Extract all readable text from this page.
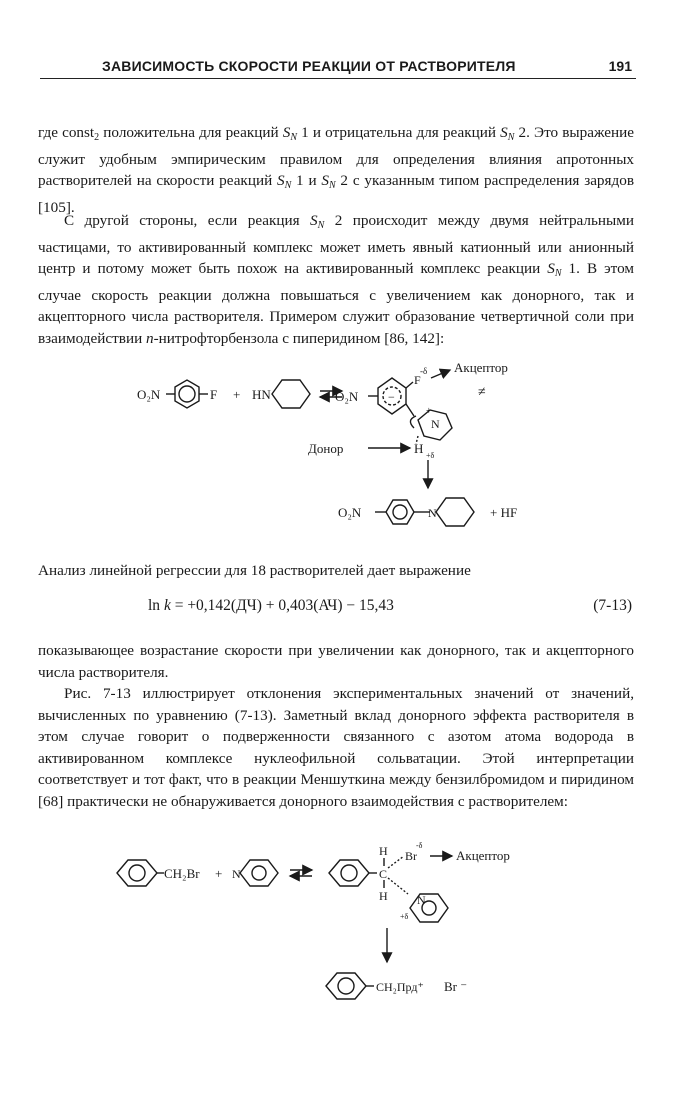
ЗАВИСИМОСТЬ СКОРОСТИ РЕАКЦИИ ОТ РАСТВОРИТЕЛЯ	191
где const$_2$ положительна для реакций $S_N$ 1 и отрицательна для реакций $S_N$ 2. Это выражение служит удобным эмпирическим правилом для определения влияния апротонных растворителей на скорости реакций $S_N$ 1 и $S_N$ 2 с указанным типом распределения зарядов [105].
С другой стороны, если реакция $S_N$ 2 происходит между двумя нейтральными частицами, то активированный комплекс может иметь явный катионный или анионный центр и потому может быть похож на активированный комплекс реакции $S_N$ 1. В этом случае скорость реакции должна повышаться с увеличением как донорного, так и акцепторного числа растворителя. Примером служит образование четвертичной соли при взаимодействии п-нитрофторбензола с пиперидином [86, 142]:
O₂N	F + HN	O₂N −
F
-δ Акцептор
≠
N
+
Донор	H +δ
O₂N	N	+ HF
Анализ линейной регрессии для 18 растворителей дает выражение
ln k = +0,142(ДЧ) + 0,403(АЧ) − 15,43	(7-13)
показывающее возрастание скорости при увеличении как донорного, так и акцепторного числа растворителя.
Рис. 7-13 иллюстрирует отклонения экспериментальных значений от значений, вычисленных по уравнению (7-13). Заметный вклад донорного эффекта растворителя в этом случае говорит о подверженности связанного с азотом атома водорода в активированном комплексе нуклеофильной сольватации. Этой интерпретации соответствует и тот факт, что в реакции Меншуткина между бензилбромидом и пиридином [68] практически не обнаруживается донорного взаимодействия с растворителем:
CH₂Br + N
H
C
H
Br
-δ
Акцептор
N
+δ
CH₂Прд⁺ Br ⁻
